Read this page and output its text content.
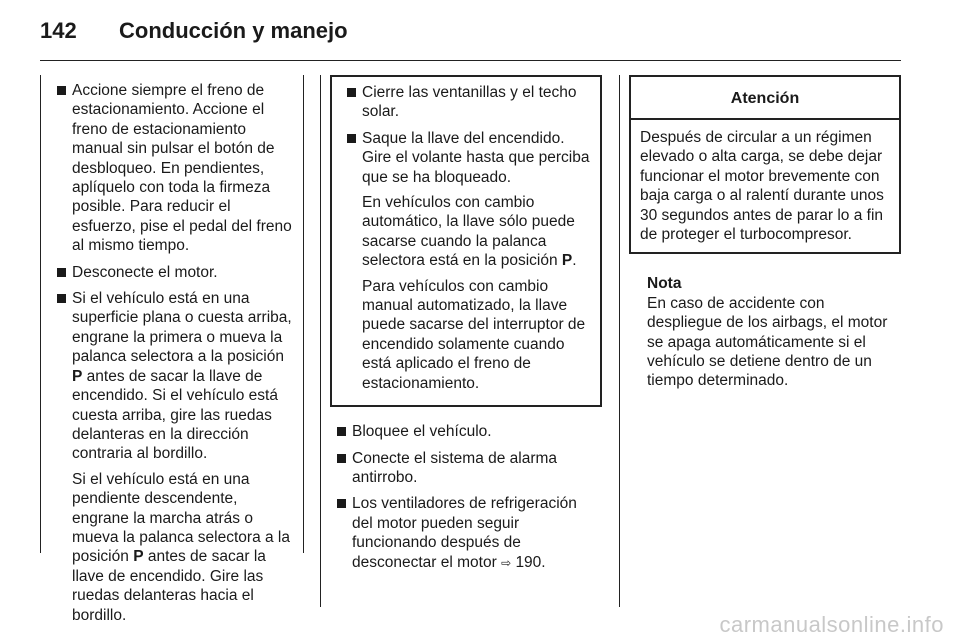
142 Conducción y manejo
Accione siempre el freno de estacionamiento. Accione el freno de estacionamiento manual sin pulsar el botón de desbloqueo. En pendientes, aplíquelo con toda la firmeza posible. Para reducir el esfuerzo, pise el pedal del freno al mismo tiempo.
Desconecte el motor.
Si el vehículo está en una superficie plana o cuesta arriba, engrane la primera o mueva la palanca selectora a la posición P antes de sacar la llave de encendido. Si el vehículo está cuesta arriba, gire las ruedas delanteras en la dirección contraria al bordillo.
Si el vehículo está en una pendiente descendente, engrane la marcha atrás o mueva la palanca selectora a la posición P antes de sacar la llave de encendido. Gire las ruedas delanteras hacia el bordillo.
Cierre las ventanillas y el techo solar.
Saque la llave del encendido. Gire el volante hasta que perciba que se ha bloqueado.
En vehículos con cambio automático, la llave sólo puede sacarse cuando la palanca selectora está en la posición P.
Para vehículos con cambio manual automatizado, la llave puede sacarse del interruptor de encendido solamente cuando está aplicado el freno de estacionamiento.
Bloquee el vehículo.
Conecte el sistema de alarma antirrobo.
Los ventiladores de refrigeración del motor pueden seguir funcionando después de desconectar el motor ⇨ 190.
Atención
Después de circular a un régimen elevado o alta carga, se debe dejar funcionar el motor brevemente con baja carga o al ralentí durante unos 30 segundos antes de parar lo a fin de proteger el turbocompresor.
Nota
En caso de accidente con despliegue de los airbags, el motor se apaga automáticamente si el vehículo se detiene dentro de un tiempo determinado.
carmanualsonline.info
